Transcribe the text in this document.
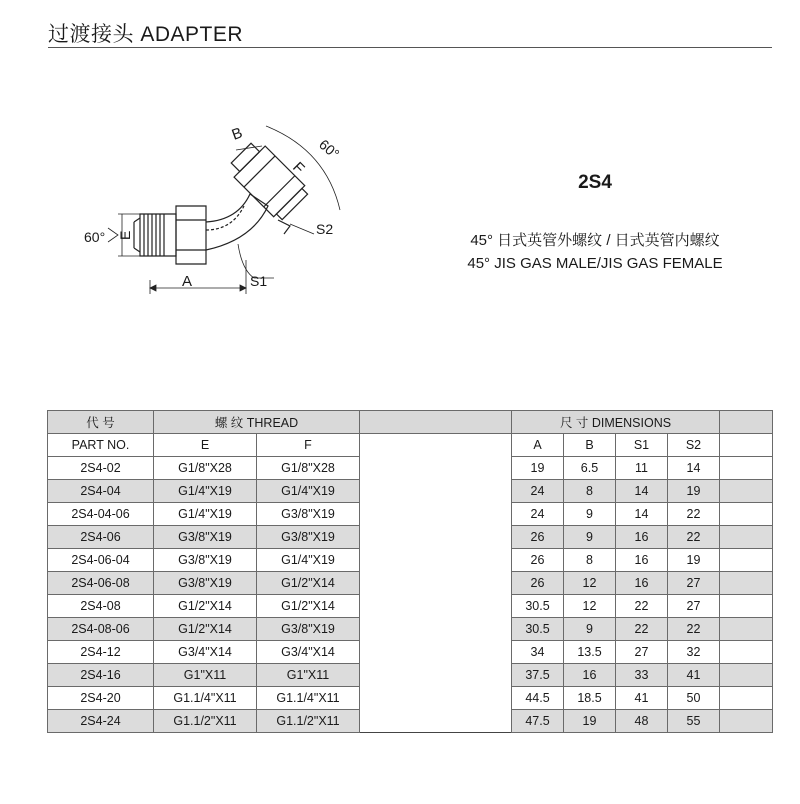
过渡接头 ADAPTER
B
F
60°
60° E	S2
S1
A
2S4
45° 日式英管外螺纹 / 日式英管内螺纹
45° JIS GAS MALE/JIS GAS FEMALE
代 号	螺 纹 THREAD			尺 寸 DIMENSIONS				
PART NO.	E	F		A	B	S1	S2	
2S4-02	G1/8"X28	G1/8"X28		19	6.5	11	14	
2S4-04	G1/4"X19	G1/4"X19		24	8	14	19	
2S4-04-06	G1/4"X19	G3/8"X19		24	9	14	22	
2S4-06	G3/8"X19	G3/8"X19		26	9	16	22	
2S4-06-04	G3/8"X19	G1/4"X19		26	8	16	19	
2S4-06-08	G3/8"X19	G1/2"X14		26	12	16	27	
2S4-08	G1/2"X14	G1/2"X14		30.5	12	22	27	
2S4-08-06	G1/2"X14	G3/8"X19		30.5	9	22	22	
2S4-12	G3/4"X14	G3/4"X14		34	13.5	27	32	
2S4-16	G1"X11	G1"X11		37.5	16	33	41	
2S4-20	G1.1/4"X11	G1.1/4"X11		44.5	18.5	41	50	
2S4-24	G1.1/2"X11	G1.1/2"X11		47.5	19	48	55	
